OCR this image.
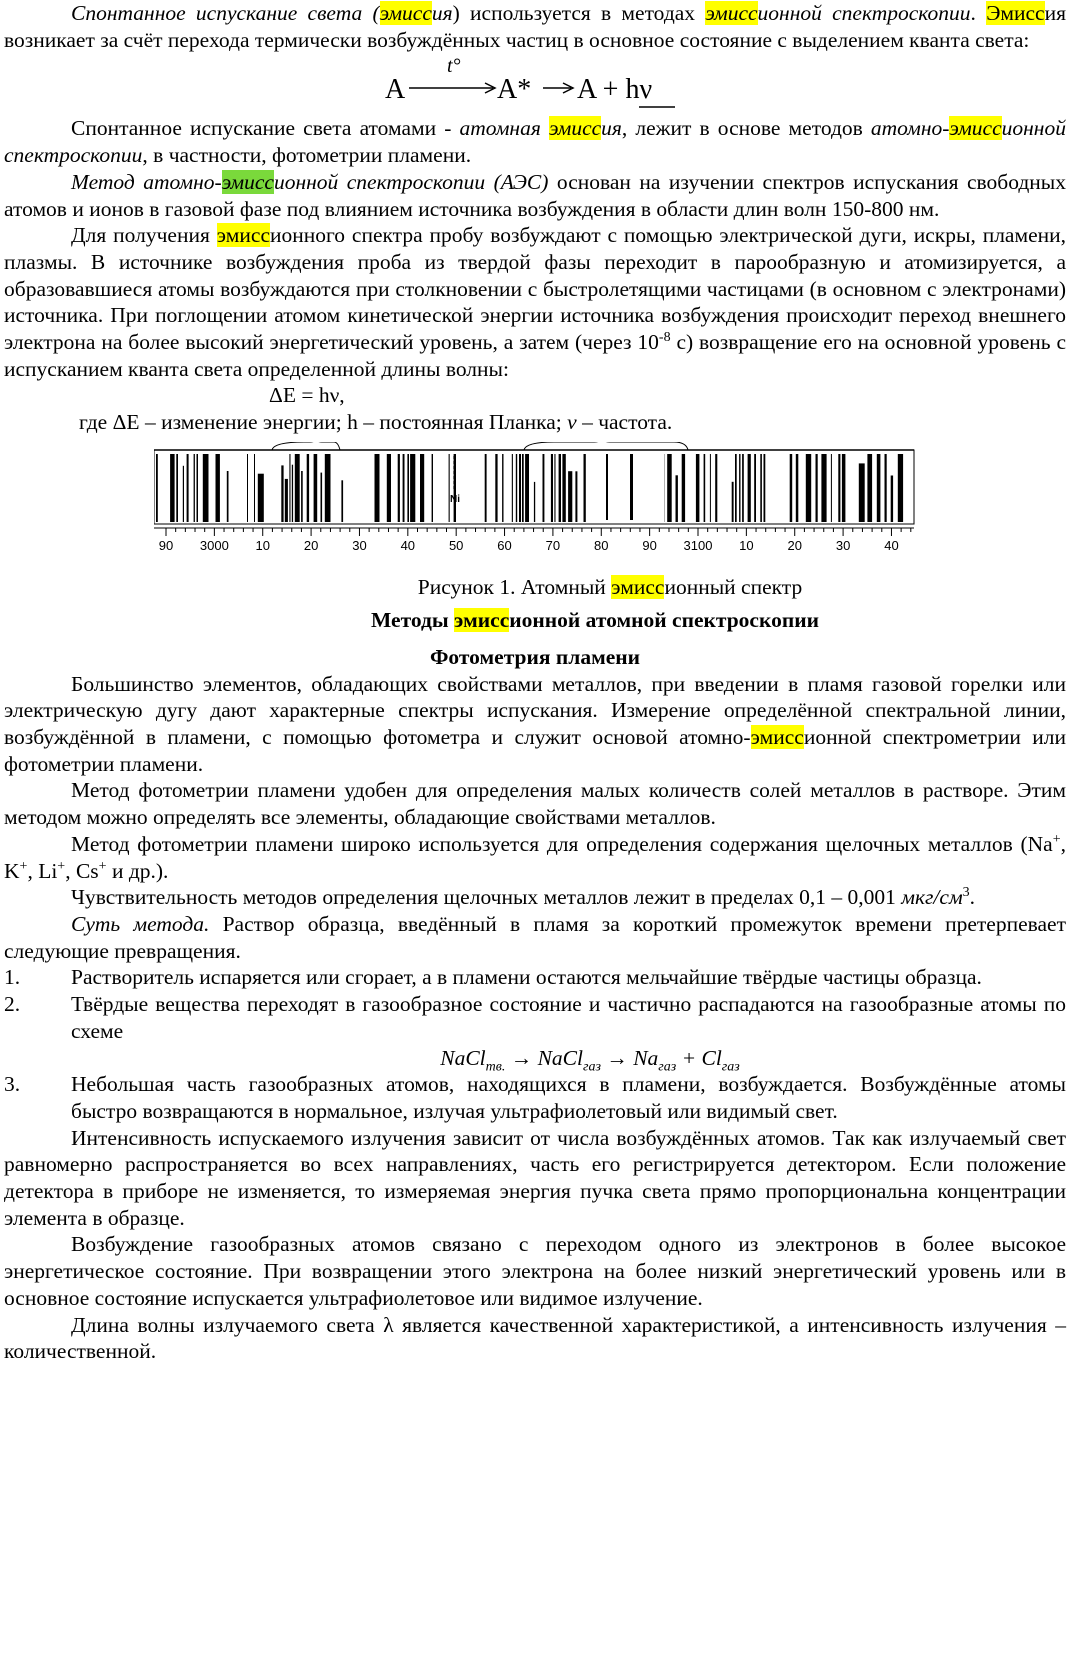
Спонтанное испускание света (эмиссия) используется в методах эмиссионной спектроскопии. Эмиссия возникает за счёт перехода термически возбуждённых частиц в основное состояние с выделением кванта света:

A
t°
A* A + hν

Спонтанное испускание света атомами - атомная эмиссия, лежит в основе методов атомно-эмиссионной спектроскопии, в частности, фотометрии пламени.

Метод атомно-эмиссионной спектроскопии (АЭС) основан на изучении спектров испускания свободных атомов и ионов в газовой фазе под влиянием источника возбуждения в области длин волн 150-800 нм.

Для получения эмиссионного спектра пробу возбуждают с помощью электрической дуги, искры, пламени, плазмы. В источнике возбуждения проба из твердой фазы переходит в парообразную и атомизируется, а образовавшиеся атомы возбуждаются при столкновении с быстролетящими частицами (в основном с электронами) источника. При поглощении атомом кинетической энергии источника возбуждения происходит переход внешнего электрона на более высокий энергетический уровень, а затем (через $10^{-8}$ с) возвращение его на основной уровень с испусканием кванта света определенной длины волны:

ΔE = hν,

где ΔE – изменение энергии; h – постоянная Планка; ν – частота.

Ni
90 3000 10	20	30	40	50	60	70	80	90 3100 10	20	30	40

Рисунок 1. Атомный эмиссионный спектр

Методы эмиссионной атомной спектроскопии

Фотометрия пламени

Большинство элементов, обладающих свойствами металлов, при введении в пламя газовой горелки или электрическую дугу дают характерные спектры испускания. Измерение определённой спектральной линии, возбуждённой в пламени, с помощью фотометра и служит основой атомно-эмиссионной спектрометрии или фотометрии пламени.

Метод фотометрии пламени удобен для определения малых количеств солей металлов в растворе. Этим методом можно определять все элементы, обладающие свойствами металлов.

Метод фотометрии пламени широко используется для определения содержания щелочных металлов (Na+, K+, Li+, Cs+ и др.).

Чувствительность методов определения щелочных металлов лежит в пределах 0,1 – 0,001 мкг/$см^3$.

Суть метода. Раствор образца, введённый в пламя за короткий промежуток времени претерпевает следующие превращения.

1.	Растворитель испаряется или сгорает, а в пламени остаются мельчайшие твёрдые частицы образца.
2.	Твёрдые вещества переходят в газообразное состояние и частично распадаются на газообразные атомы по схеме

NaCl$_{тв.}$ → NaCl$_{газ}$ → $Na_{газ} + Cl_{газ}$

3.	Небольшая часть газообразных атомов, находящихся в пламени, возбуждается. Возбуждённые атомы быстро возвращаются в нормальное, излучая ультрафиолетовый или видимый свет.

Интенсивность испускаемого излучения зависит от числа возбуждённых атомов. Так как излучаемый свет равномерно распространяется во всех направлениях, часть его регистрируется детектором. Если положение детектора в приборе не изменяется, то измеряемая энергия пучка света прямо пропорциональна концентрации элемента в образце.

Возбуждение газообразных атомов связано с переходом одного из электронов в более высокое энергетическое состояние. При возвращении этого электрона на более низкий энергетический уровень или в основное состояние испускается ультрафиолетовое или видимое излучение.

Длина волны излучаемого света λ является качественной характеристикой, а интенсивность излучения – количественной.
